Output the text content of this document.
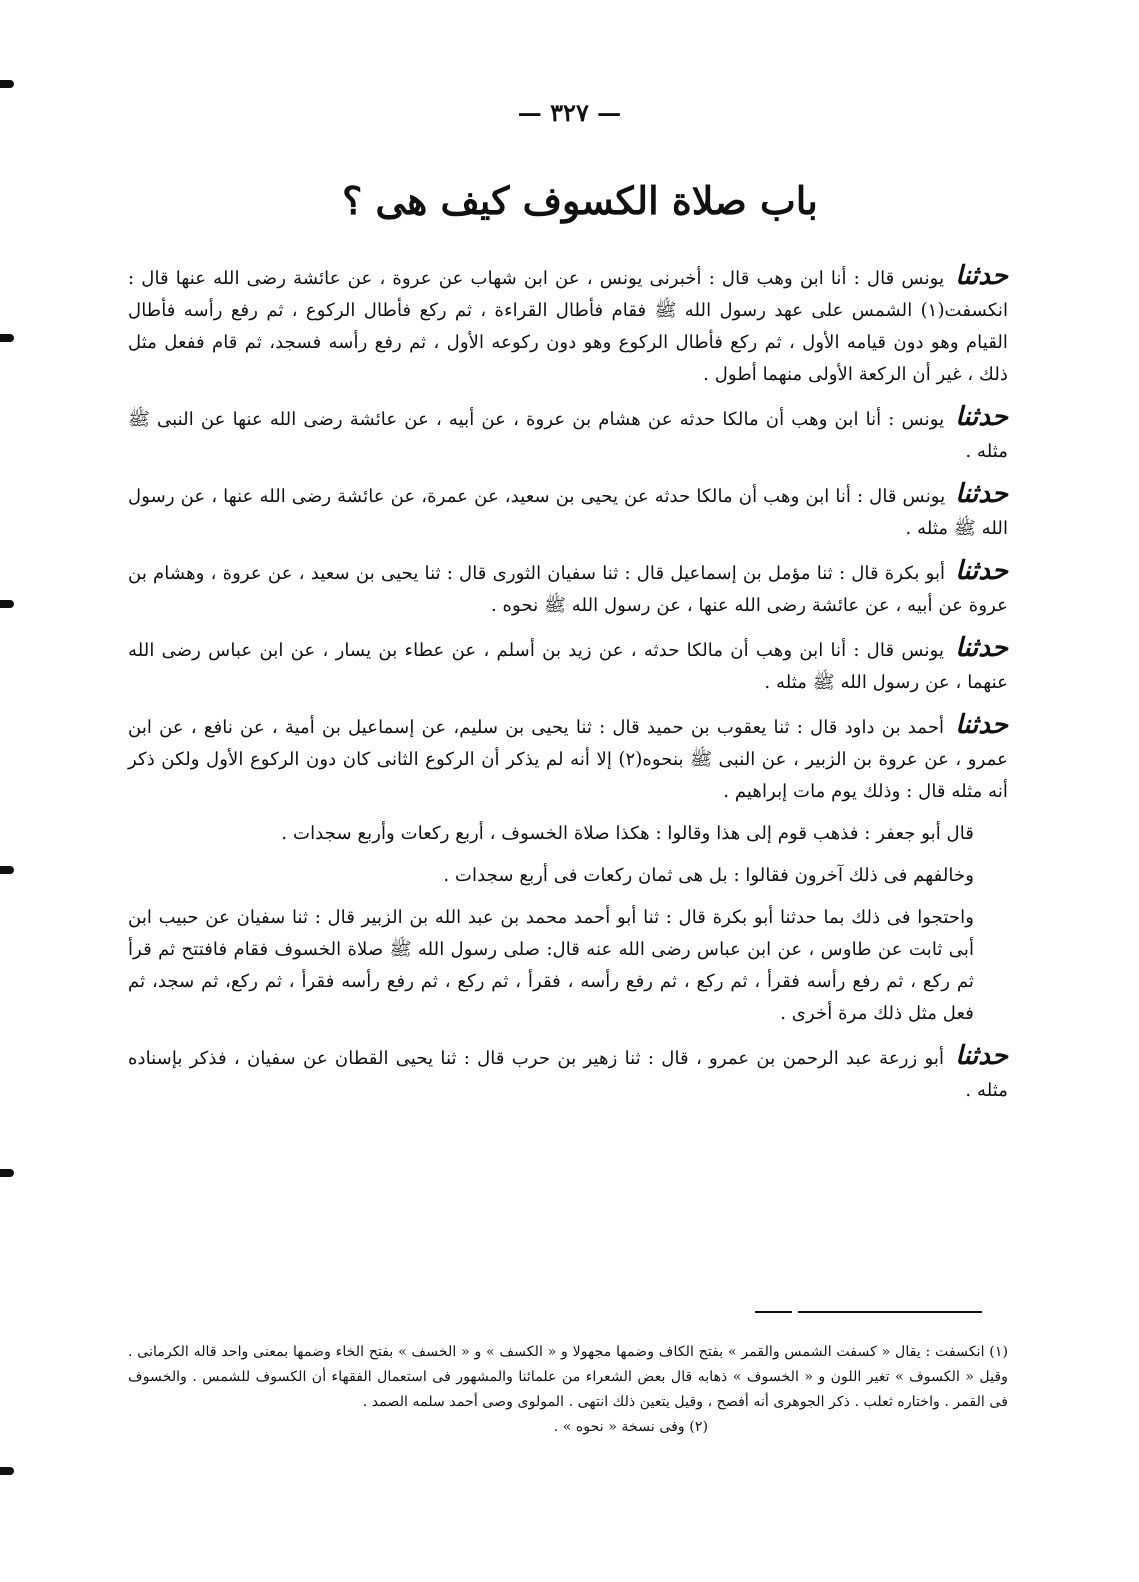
— ٣٢٧ —
باب صلاة الكسوف كيف هى ؟

حدثنا يونس قال : أنا ابن وهب قال : أخبرنى يونس ، عن ابن شهاب عن عروة ، عن عائشة رضى الله عنها قال : انكسفت(١) الشمس على عهد رسول الله ﷺ فقام فأطال القراءة ، ثم ركع فأطال الركوع ، ثم رفع رأسه فأطال القيام وهو دون قيامه الأول ، ثم ركع فأطال الركوع وهو دون ركوعه الأول ، ثم رفع رأسه فسجد، ثم قام ففعل مثل ذلك ، غير أن الركعة الأولى منهما أطول .

حدثنا يونس : أنا ابن وهب أن مالكا حدثه عن هشام بن عروة ، عن أبيه ، عن عائشة رضى الله عنها عن النبى ﷺ مثله .

حدثنا يونس قال : أنا ابن وهب أن مالكا حدثه عن يحيى بن سعيد، عن عمرة، عن عائشة رضى الله عنها ، عن رسول الله ﷺ مثله .

حدثنا أبو بكرة قال : ثنا مؤمل بن إسماعيل قال : ثنا سفيان الثورى قال : ثنا يحيى بن سعيد ، عن عروة ، وهشام بن عروة عن أبيه ، عن عائشة رضى الله عنها ، عن رسول الله ﷺ نحوه .

حدثنا يونس قال : أنا ابن وهب أن مالكا حدثه ، عن زيد بن أسلم ، عن عطاء بن يسار ، عن ابن عباس رضى الله عنهما ، عن رسول الله ﷺ مثله .

حدثنا أحمد بن داود قال : ثنا يعقوب بن حميد قال : ثنا يحيى بن سليم، عن إسماعيل بن أمية ، عن نافع ، عن ابن عمرو ، عن عروة بن الزبير ، عن النبى ﷺ بنحوه(٢) إلا أنه لم يذكر أن الركوع الثانى كان دون الركوع الأول ولكن ذكر أنه مثله قال : وذلك يوم مات إبراهيم .

قال أبو جعفر : فذهب قوم إلى هذا وقالوا : هكذا صلاة الخسوف ، أربع ركعات وأربع سجدات .

وخالفهم فى ذلك آخرون فقالوا : بل هى ثمان ركعات فى أربع سجدات .

واحتجوا فى ذلك بما حدثنا أبو بكرة قال : ثنا أبو أحمد محمد بن عبد الله بن الزبير قال : ثنا سفيان عن حبيب ابن أبى ثابت عن طاوس ، عن ابن عباس رضى الله عنه قال: صلى رسول الله ﷺ صلاة الخسوف فقام فافتتح ثم قرأ ثم ركع ، ثم رفع رأسه فقرأ ، ثم ركع ، ثم رفع رأسه ، فقرأ ، ثم ركع ، ثم رفع رأسه فقرأ ، ثم ركع، ثم سجد، ثم فعل مثل ذلك مرة أخرى .

حدثنا أبو زرعة عبد الرحمن بن عمرو ، قال : ثنا زهير بن حرب قال : ثنا يحيى القطان عن سفيان ، فذكر بإسناده مثله .

(١) انكسفت : يقال « كسفت الشمس والقمر » بفتح الكاف وضمها مجهولا و « الكسف » و « الخسف » بفتح الخاء وضمها بمعنى واحد قاله الكرمانى . وقيل « الكسوف » تغير اللون و « الخسوف » ذهابه قال بعض الشعراء من علمائنا والمشهور فى استعمال الفقهاء أن الكسوف للشمس . والخسوف فى القمر . واختاره ثعلب . ذكر الجوهرى أنه أفصح ، وقيل يتعين ذلك انتهى . المولوى وصى أحمد سلمه الصمد .
(٢) وفى نسخة « نحوه » .
